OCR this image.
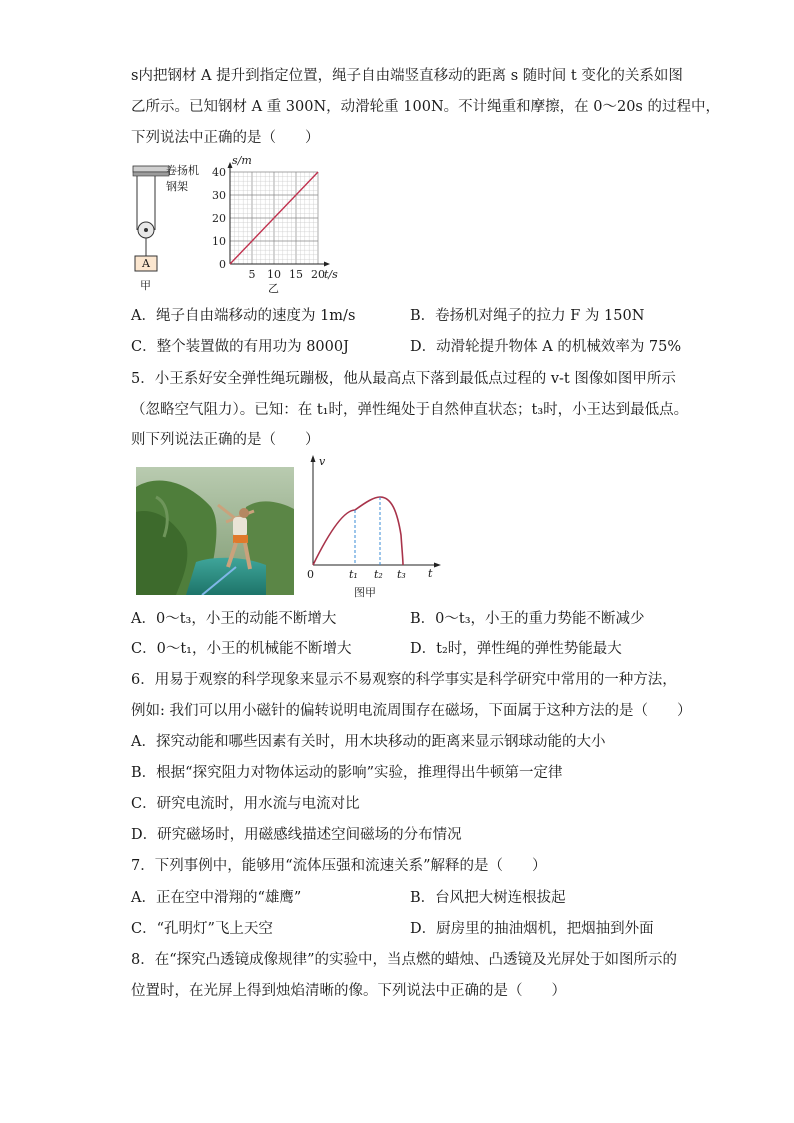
s内把钢材 A 提升到指定位置，绳子自由端竖直移动的距离 s 随时间 t 变化的关系如图
乙所示。已知钢材 A 重 300N，动滑轮重 100N。不计绳重和摩擦，在 0～20s 的过程中，
下列说法中正确的是（　　）
卷扬机
钢架
A
甲
0
10
20
30
40
5 10 15 20
s/m
t/s
乙
A．绳子自由端移动的速度为 1m/s	B．卷扬机对绳子的拉力 F 为 150N
C．整个装置做的有用功为 8000J	D．动滑轮提升物体 A 的机械效率为 75%
5．小王系好安全弹性绳玩蹦极，他从最高点下落到最低点过程的 v-t 图像如图甲所示
（忽略空气阻力）。已知：在 t₁时，弹性绳处于自然伸直状态；t₃时，小王达到最低点。
则下列说法正确的是（　　）
v
t
0	t₁ t₂ t₃
图甲
A．0～t₃，小王的动能不断增大	B．0～t₃，小王的重力势能不断减少
C．0～t₁，小王的机械能不断增大	D．t₂时，弹性绳的弹性势能最大
6．用易于观察的科学现象来显示不易观察的科学事实是科学研究中常用的一种方法，
例如: 我们可以用小磁针的偏转说明电流周围存在磁场，下面属于这种方法的是（　　）
A．探究动能和哪些因素有关时，用木块移动的距离来显示钢球动能的大小
B．根据“探究阻力对物体运动的影响”实验，推理得出牛顿第一定律
C．研究电流时，用水流与电流对比
D．研究磁场时，用磁感线描述空间磁场的分布情况
7．下列事例中，能够用“流体压强和流速关系”解释的是（　　）
A．正在空中滑翔的“雄鹰”	B．台风把大树连根拔起
C．“孔明灯”飞上天空	D．厨房里的抽油烟机，把烟抽到外面
8．在“探究凸透镜成像规律”的实验中，当点燃的蜡烛、凸透镜及光屏处于如图所示的
位置时，在光屏上得到烛焰清晰的像。下列说法中正确的是（　　）
